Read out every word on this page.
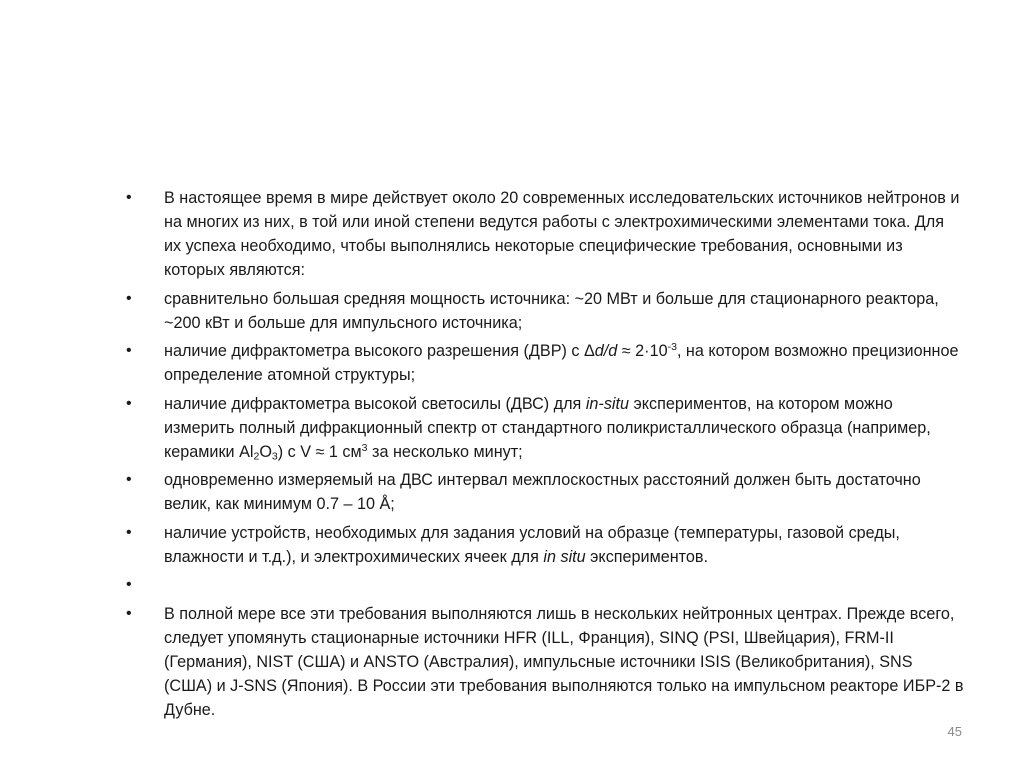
• В настоящее время в мире действует около 20 современных исследовательских источников нейтронов и на многих из них, в той или иной степени ведутся работы с электрохимическими элементами тока. Для их успеха необходимо, чтобы выполнялись некоторые специфические требования, основными из которых являются:
• сравнительно большая средняя мощность источника: ~20 МВт и больше для стационарного реактора, ~200 кВт и больше для импульсного источника;
• наличие дифрактометра высокого разрешения (ДВР) с $\Delta d/d \approx 2\cdot 10^{-3}$, на котором возможно прецизионное определение атомной структуры;
• наличие дифрактометра высокой светосилы (ДВС) для in-situ экспериментов, на котором можно измерить полный дифракционный спектр от стандартного поликристаллического образца (например, керамики $Al_2O_3$) с V ≈ 1 $см^3$ за несколько минут;
• одновременно измеряемый на ДВС интервал межплоскостных расстояний должен быть достаточно велик, как минимум 0.7 – 10 Å;
• наличие устройств, необходимых для задания условий на образце (температуры, газовой среды, влажности и т.д.), и электрохимических ячеек для in situ экспериментов.
•
• В полной мере все эти требования выполняются лишь в нескольких нейтронных центрах. Прежде всего, следует упомянуть стационарные источники HFR (ILL, Франция), SINQ (PSI, Швейцария), FRM-II (Германия), NIST (США) и ANSTO (Австралия), импульсные источники ISIS (Великобритания), SNS (США) и J-SNS (Япония). В России эти требования выполняются только на импульсном реакторе ИБР-2 в Дубне.
45
